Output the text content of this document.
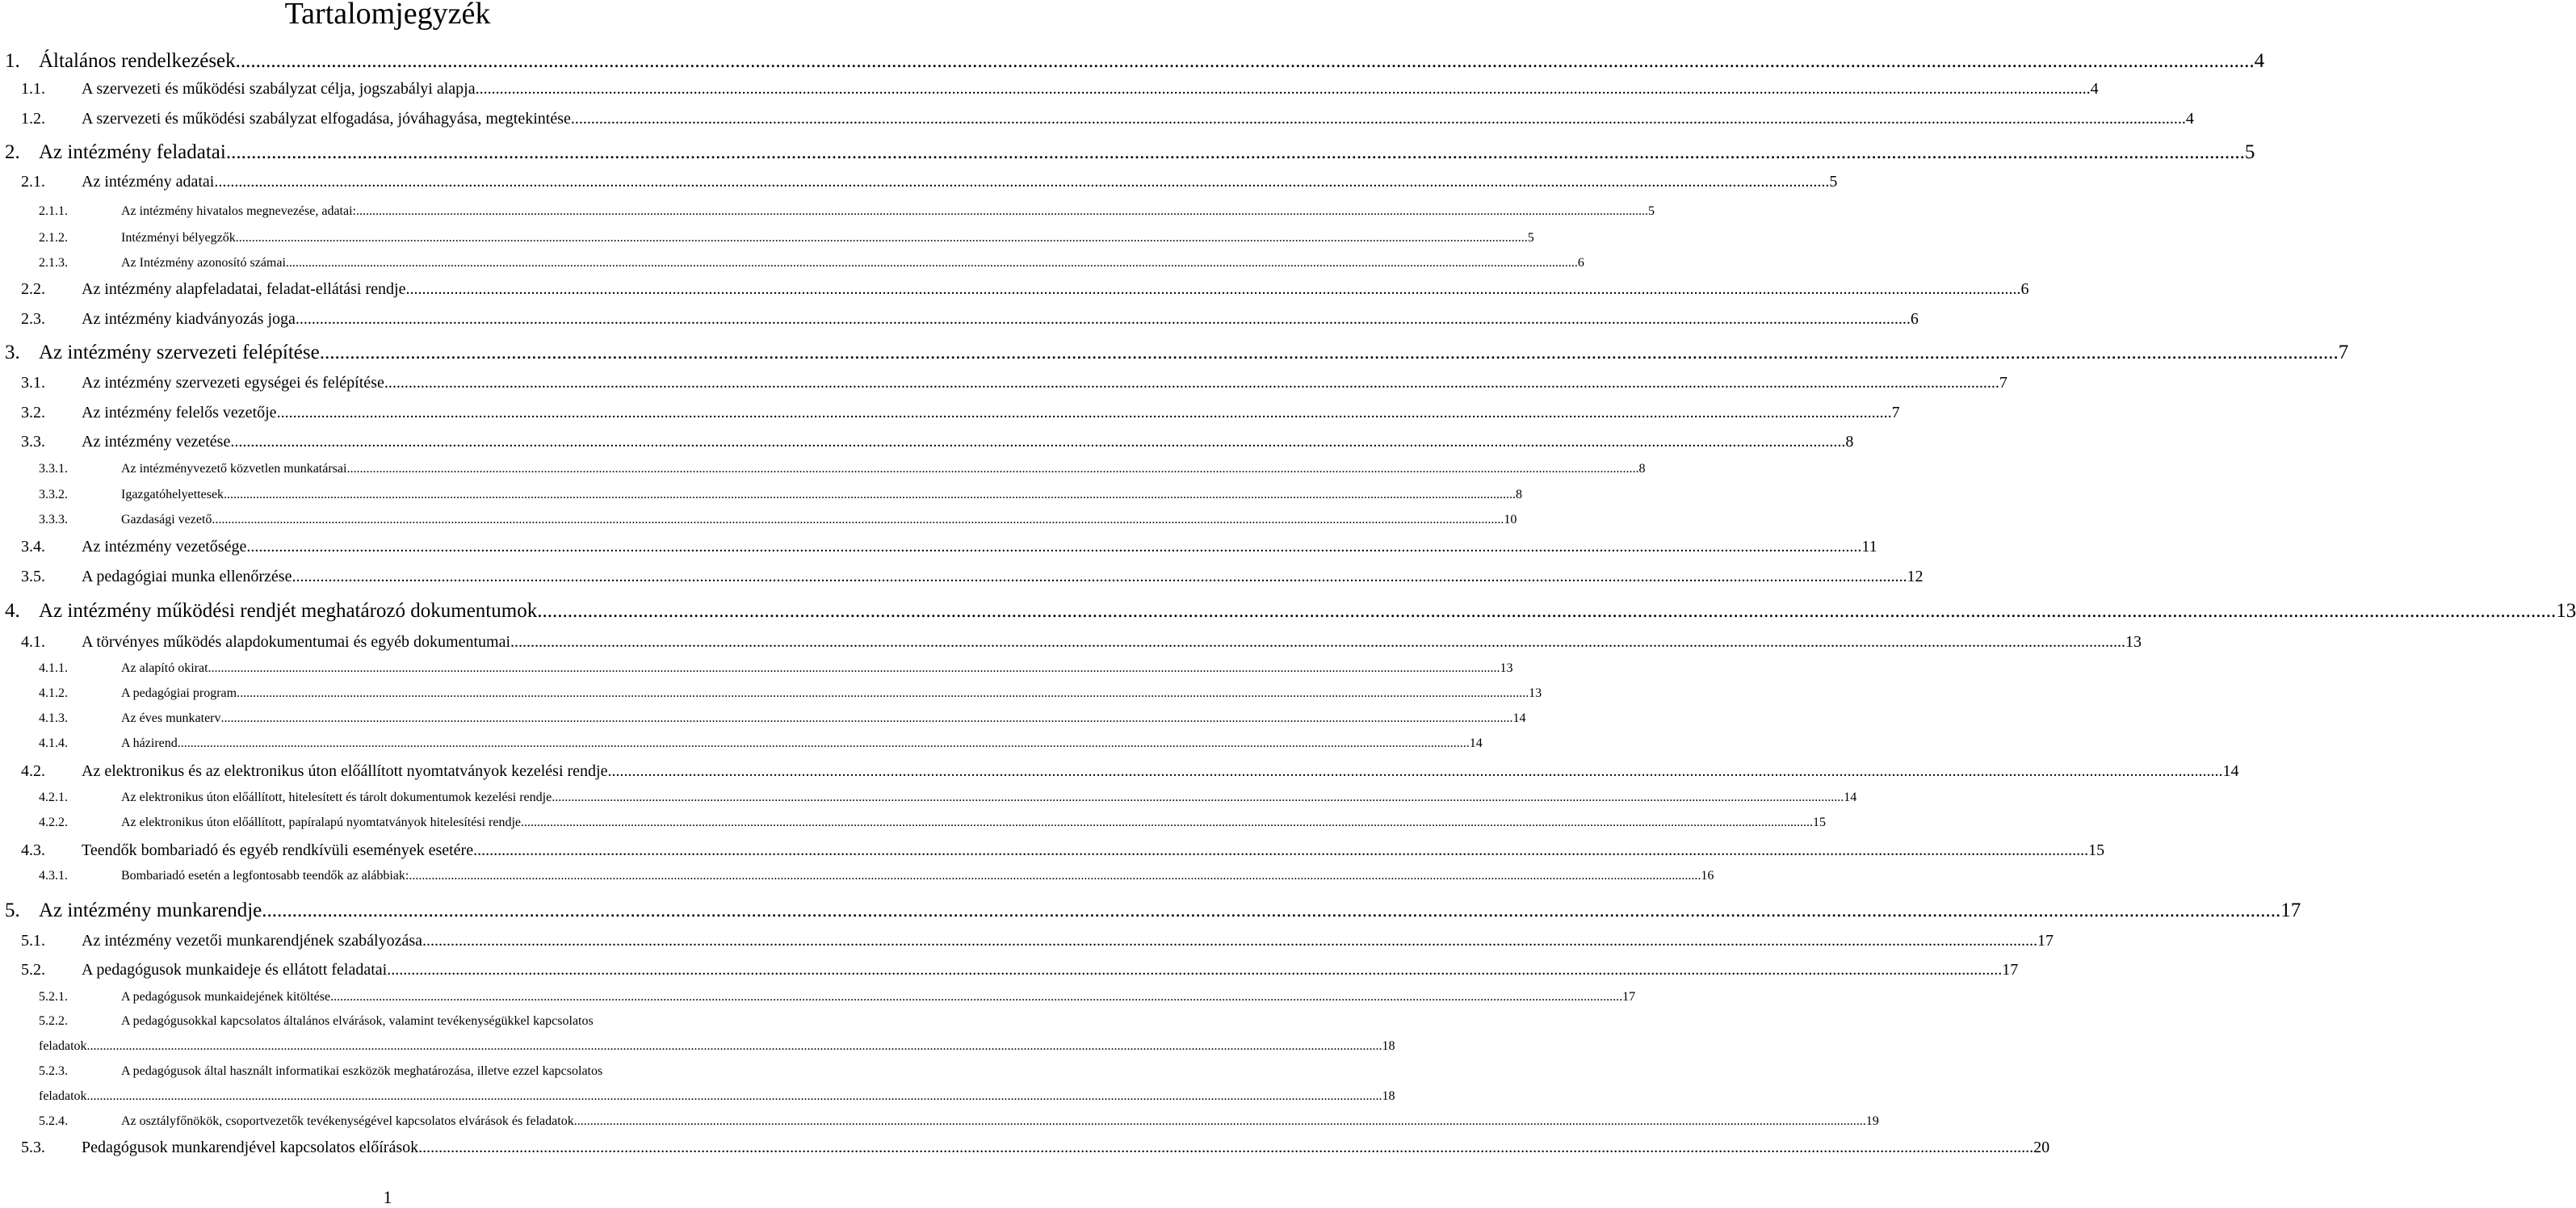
Tartalomjegyzék
1. Általános rendelkezések ................................................................................................................................................................................................................................................................................................................................................................................................................ 4
1.1. A szervezeti és működési szabályzat célja, jogszabályi alapja ................................................................................................................................................................................................................................................................................................................................................................................................................ 4
1.2. A szervezeti és működési szabályzat elfogadása, jóváhagyása, megtekintése ................................................................................................................................................................................................................................................................................................................................................................................................................ 4
2. Az intézmény feladatai ................................................................................................................................................................................................................................................................................................................................................................................................................ 5
2.1. Az intézmény adatai ................................................................................................................................................................................................................................................................................................................................................................................................................ 5
2.1.1.	Az intézmény hivatalos megnevezése, adatai: ................................................................................................................................................................................................................................................................................................................................................................................................................ 5
2.1.2.	Intézményi bélyegzők ................................................................................................................................................................................................................................................................................................................................................................................................................ 5
2.1.3.	Az Intézmény azonosító számai ................................................................................................................................................................................................................................................................................................................................................................................................................ 6
2.2. Az intézmény alapfeladatai, feladat-ellátási rendje ................................................................................................................................................................................................................................................................................................................................................................................................................ 6
2.3. Az intézmény kiadványozás joga ................................................................................................................................................................................................................................................................................................................................................................................................................ 6
3. Az intézmény szervezeti felépítése ................................................................................................................................................................................................................................................................................................................................................................................................................ 7
3.1. Az intézmény szervezeti egységei és felépítése ................................................................................................................................................................................................................................................................................................................................................................................................................ 7
3.2. Az intézmény felelős vezetője ................................................................................................................................................................................................................................................................................................................................................................................................................ 7
3.3. Az intézmény vezetése ................................................................................................................................................................................................................................................................................................................................................................................................................ 8
3.3.1.	Az intézményvezető közvetlen munkatársai ................................................................................................................................................................................................................................................................................................................................................................................................................ 8
3.3.2.	Igazgatóhelyettesek ................................................................................................................................................................................................................................................................................................................................................................................................................ 8
3.3.3.	Gazdasági vezető ................................................................................................................................................................................................................................................................................................................................................................................................................ 10
3.4. Az intézmény vezetősége ................................................................................................................................................................................................................................................................................................................................................................................................................ 11
3.5. A pedagógiai munka ellenőrzése ................................................................................................................................................................................................................................................................................................................................................................................................................ 12
4. Az intézmény működési rendjét meghatározó dokumentumok ................................................................................................................................................................................................................................................................................................................................................................................................................ 13
4.1. A törvényes működés alapdokumentumai és egyéb dokumentumai ................................................................................................................................................................................................................................................................................................................................................................................................................ 13
4.1.1.	Az alapító okirat ................................................................................................................................................................................................................................................................................................................................................................................................................ 13
4.1.2.	A pedagógiai program ................................................................................................................................................................................................................................................................................................................................................................................................................ 13
4.1.3.	Az éves munkaterv ................................................................................................................................................................................................................................................................................................................................................................................................................ 14
4.1.4.	A házirend ................................................................................................................................................................................................................................................................................................................................................................................................................ 14
4.2. Az elektronikus és az elektronikus úton előállított nyomtatványok kezelési rendje ................................................................................................................................................................................................................................................................................................................................................................................................................ 14
4.2.1.	Az elektronikus úton előállított, hitelesített és tárolt dokumentumok kezelési rendje ................................................................................................................................................................................................................................................................................................................................................................................................................ 14
4.2.2.	Az elektronikus úton előállított, papíralapú nyomtatványok hitelesítési rendje ................................................................................................................................................................................................................................................................................................................................................................................................................ 15
4.3. Teendők bombariadó és egyéb rendkívüli események esetére ................................................................................................................................................................................................................................................................................................................................................................................................................ 15
4.3.1.	Bombariadó esetén a legfontosabb teendők az alábbiak: ................................................................................................................................................................................................................................................................................................................................................................................................................ 16
5. Az intézmény munkarendje ................................................................................................................................................................................................................................................................................................................................................................................................................ 17
5.1. Az intézmény vezetői munkarendjének szabályozása ................................................................................................................................................................................................................................................................................................................................................................................................................ 17
5.2. A pedagógusok munkaideje és ellátott feladatai ................................................................................................................................................................................................................................................................................................................................................................................................................ 17
5.2.1.	A pedagógusok munkaidejének kitöltése ................................................................................................................................................................................................................................................................................................................................................................................................................ 17
5.2.2.	A pedagógusokkal kapcsolatos általános elvárások, valamint tevékenységükkel kapcsolatos
feladatok. ................................................................................................................................................................................................................................................................................................................................................................................................................ 18
5.2.3.	A pedagógusok által használt informatikai eszközök meghatározása, illetve ezzel kapcsolatos
feladatok. ................................................................................................................................................................................................................................................................................................................................................................................................................ 18
5.2.4.	Az osztályfőnökök, csoportvezetők tevékenységével kapcsolatos elvárások és feladatok ................................................................................................................................................................................................................................................................................................................................................................................................................ 19
5.3. Pedagógusok munkarendjével kapcsolatos előírások ................................................................................................................................................................................................................................................................................................................................................................................................................ 20
1
